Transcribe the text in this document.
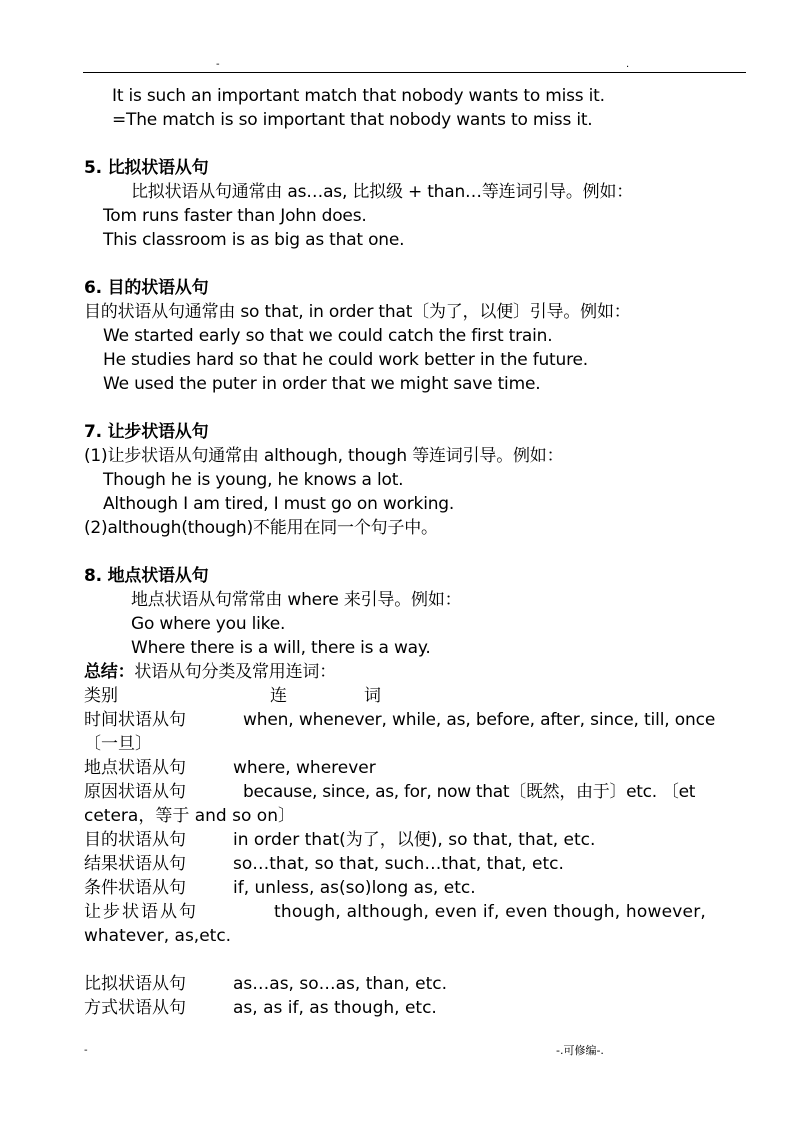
-	.
It is such an important match that nobody wants to miss it.
=The match is so important that nobody wants to miss it.
5. 比拟状语从句
比拟状语从句通常由 as…as, 比拟级 + than…等连词引导。例如：
Tom runs faster than John does.
This classroom is as big as that one.
6. 目的状语从句
目的状语从句通常由 so that, in order that〔为了，以便〕引导。例如：
We started early so that we could catch the first train.
He studies hard so that he could work better in the future.
We used the puter in order that we might save time.
7. 让步状语从句
(1)让步状语从句通常由 although, though 等连词引导。例如：
Though he is young, he knows a lot.
Although I am tired, I must go on working.
(2)although(though)不能用在同一个句子中。
8. 地点状语从句
地点状语从句常常由 where 来引导。例如：
Go where you like.
Where there is a will, there is a way.
总结：状语从句分类及常用连词：
类别	连	词
时间状语从句	when, whenever, while, as, before, after, since, till, once
〔一旦〕
地点状语从句	where, wherever
原因状语从句	because, since, as, for, now that〔既然，由于〕etc. 〔et
cetera，等于 and so on〕
目的状语从句	in order that(为了，以便), so that, that, etc.
结果状语从句	so…that, so that, such…that, that, etc.
条件状语从句	if, unless, as(so)long as, etc.
让步状语从句	though, although, even if, even though, however,
whatever, as,etc.
比拟状语从句	as…as, so…as, than, etc.
方式状语从句	as, as if, as though, etc.
-	-.可修编-.
